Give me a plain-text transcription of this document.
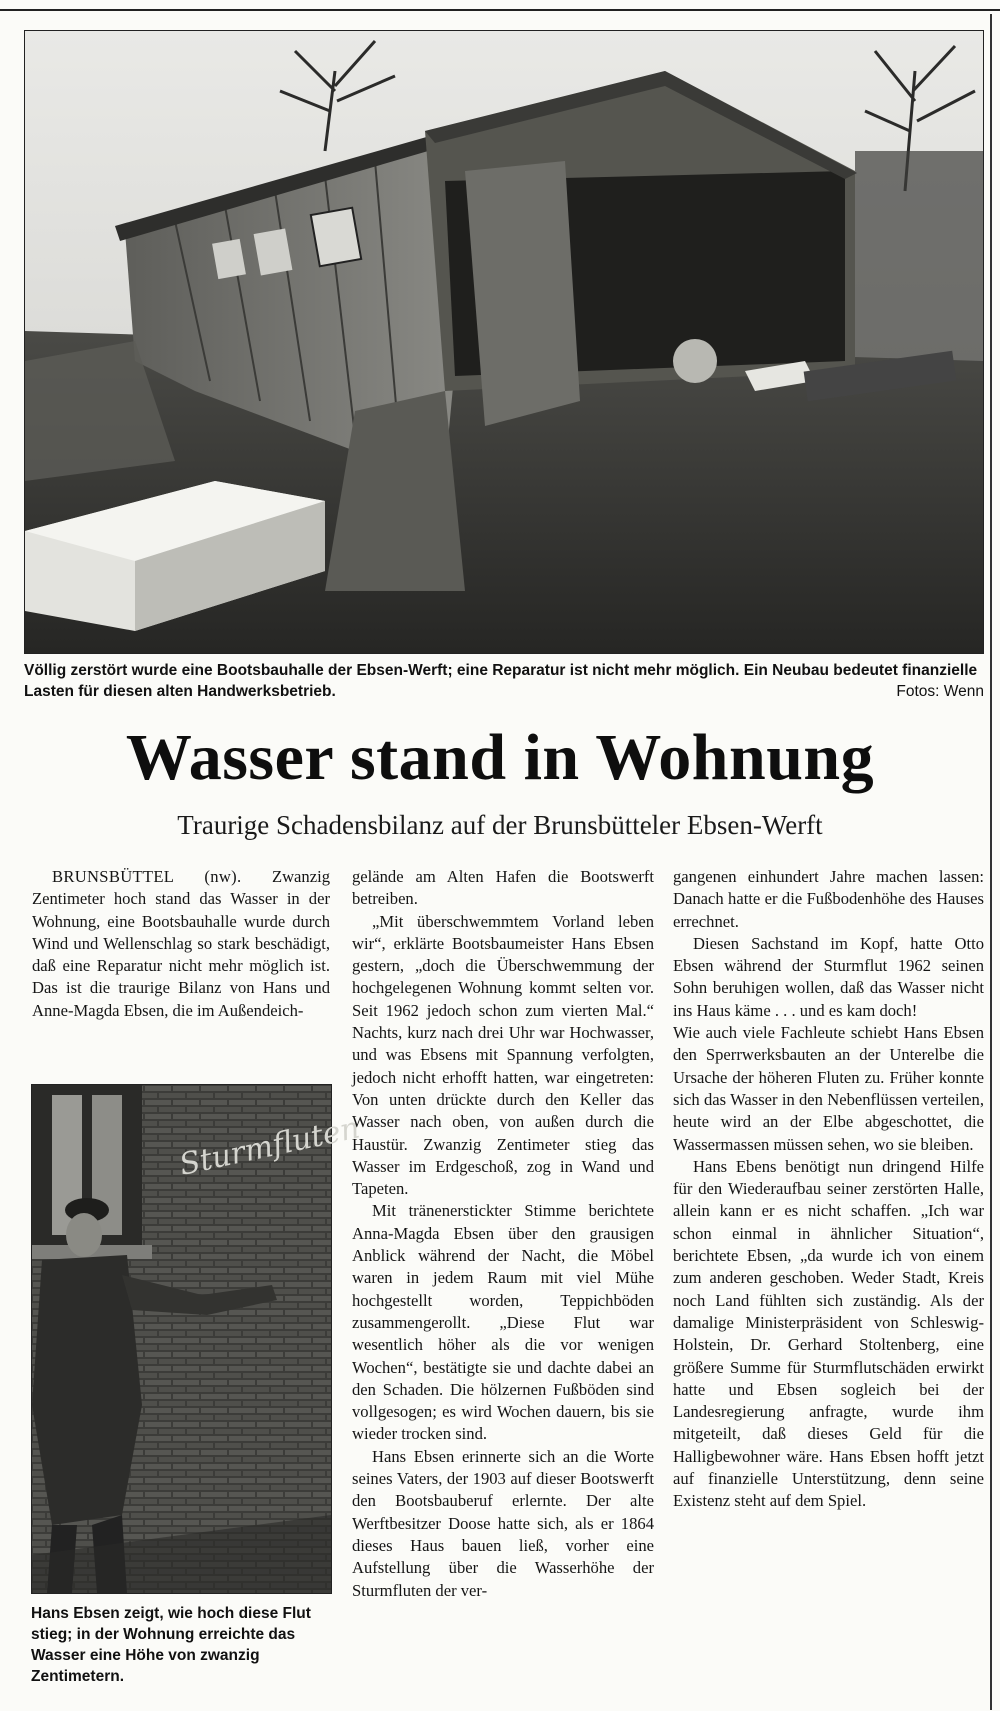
Völlig zerstört wurde eine Bootsbauhalle der Ebsen-Werft; eine Reparatur ist nicht mehr möglich. Ein Neubau bedeutet finanzielle Lasten für diesen alten Handwerksbetrieb.	Fotos: Wenn
Wasser stand in Wohnung
Traurige Schadensbilanz auf der Brunsbütteler Ebsen-Werft

BRUNSBÜTTEL (nw). Zwanzig Zentimeter hoch stand das Wasser in der Wohnung, eine Bootsbauhalle wurde durch Wind und Wellenschlag so stark beschädigt, daß eine Reparatur nicht mehr möglich ist. Das ist die traurige Bilanz von Hans und Anne-Magda Ebsen, die im Außendeich-

Sturmfluten
Hans Ebsen zeigt, wie hoch diese Flut stieg; in der Wohnung erreichte das Wasser eine Höhe von zwanzig Zentimetern.

gelände am Alten Hafen die Bootswerft betreiben.

„Mit überschwemmtem Vorland leben wir“, erklärte Bootsbaumeister Hans Ebsen gestern, „doch die Überschwemmung der hochgelegenen Wohnung kommt selten vor. Seit 1962 jedoch schon zum vierten Mal.“ Nachts, kurz nach drei Uhr war Hochwasser, und was Ebsens mit Spannung verfolgten, jedoch nicht erhofft hatten, war eingetreten: Von unten drückte durch den Keller das Wasser nach oben, von außen durch die Haustür. Zwanzig Zentimeter stieg das Wasser im Erdgeschoß, zog in Wand und Tapeten.

Mit tränenerstickter Stimme berichtete Anna-Magda Ebsen über den grausigen Anblick während der Nacht, die Möbel waren in jedem Raum mit viel Mühe hochgestellt worden, Teppichböden zusammengerollt. „Diese Flut war wesentlich höher als die vor wenigen Wochen“, bestätigte sie und dachte dabei an den Schaden. Die hölzernen Fußböden sind vollgesogen; es wird Wochen dauern, bis sie wieder trocken sind.

Hans Ebsen erinnerte sich an die Worte seines Vaters, der 1903 auf dieser Bootswerft den Bootsbauberuf erlernte. Der alte Werftbesitzer Doose hatte sich, als er 1864 dieses Haus bauen ließ, vorher eine Aufstellung über die Wasserhöhe der Sturmfluten der ver-

gangenen einhundert Jahre machen lassen: Danach hatte er die Fußbodenhöhe des Hauses errechnet.

Diesen Sachstand im Kopf, hatte Otto Ebsen während der Sturmflut 1962 seinen Sohn beruhigen wollen, daß das Wasser nicht ins Haus käme . . . und es kam doch!

Wie auch viele Fachleute schiebt Hans Ebsen den Sperrwerksbauten an der Unterelbe die Ursache der höheren Fluten zu. Früher konnte sich das Wasser in den Nebenflüssen verteilen, heute wird an der Elbe abgeschottet, die Wassermassen müssen sehen, wo sie bleiben.

Hans Ebens benötigt nun dringend Hilfe für den Wiederaufbau seiner zerstörten Halle, allein kann er es nicht schaffen. „Ich war schon einmal in ähnlicher Situation“, berichtete Ebsen, „da wurde ich von einem zum anderen geschoben. Weder Stadt, Kreis noch Land fühlten sich zuständig. Als der damalige Ministerpräsident von Schleswig-Holstein, Dr. Gerhard Stoltenberg, eine größere Summe für Sturmflutschäden erwirkt hatte und Ebsen sogleich bei der Landesregierung anfragte, wurde ihm mitgeteilt, daß dieses Geld für die Halligbewohner wäre. Hans Ebsen hofft jetzt auf finanzielle Unterstützung, denn seine Existenz steht auf dem Spiel.
